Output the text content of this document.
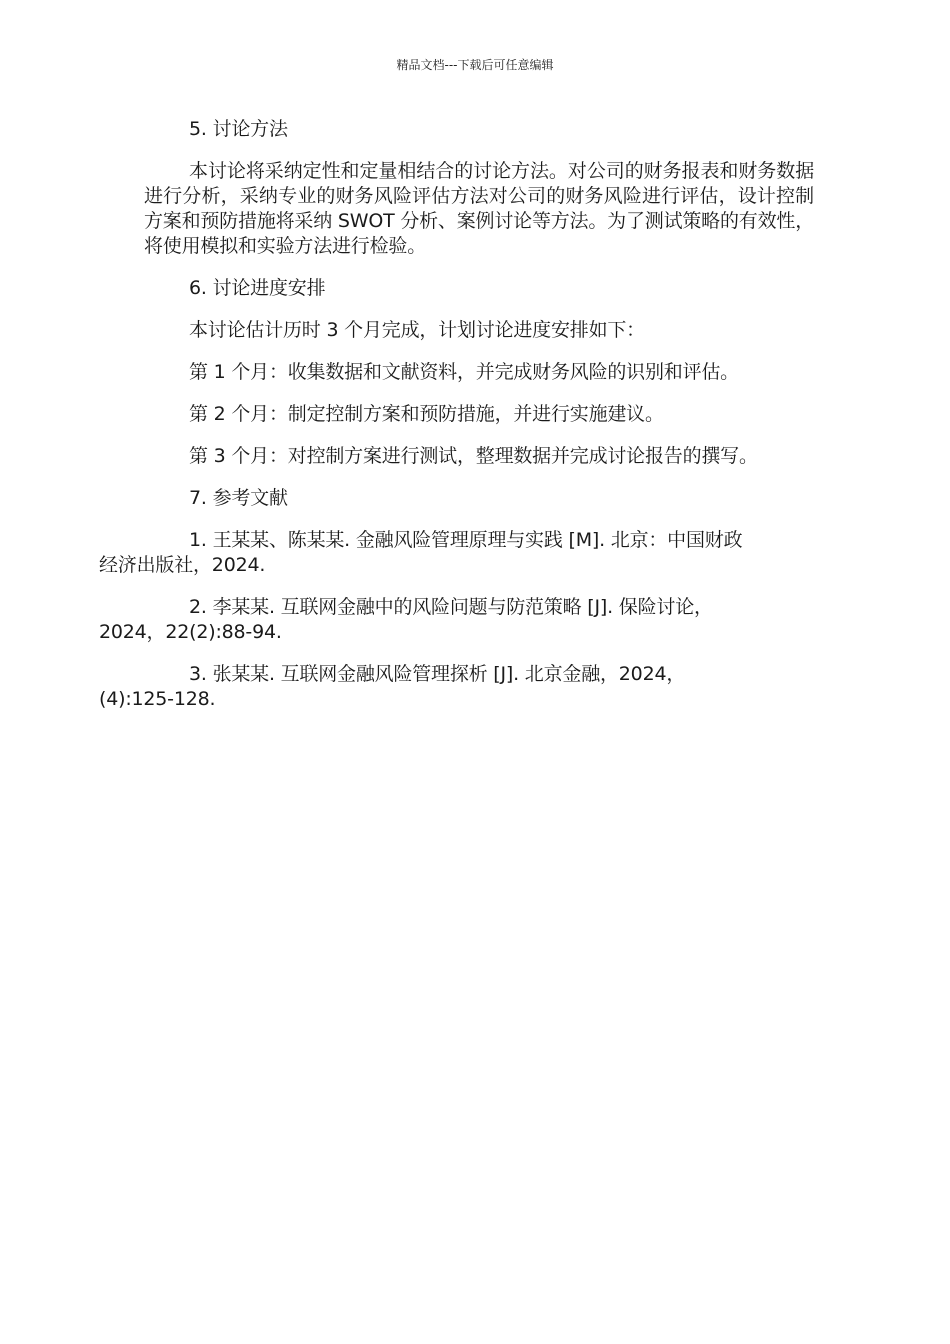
精品文档---下载后可任意编辑

5. 讨论方法

本讨论将采纳定性和定量相结合的讨论方法。对公司的财务报表和财务数据进行分析，采纳专业的财务风险评估方法对公司的财务风险进行评估，设计控制方案和预防措施将采纳 SWOT 分析、案例讨论等方法。为了测试策略的有效性，将使用模拟和实验方法进行检验。

6. 讨论进度安排

本讨论估计历时 3 个月完成，计划讨论进度安排如下：

第 1 个月：收集数据和文献资料，并完成财务风险的识别和评估。

第 2 个月：制定控制方案和预防措施，并进行实施建议。

第 3 个月：对控制方案进行测试，整理数据并完成讨论报告的撰写。

7. 参考文献

1. 王某某、陈某某. 金融风险管理原理与实践 [M]. 北京：中国财政
经济出版社，2024.
2. 李某某. 互联网金融中的风险问题与防范策略 [J]. 保险讨论，
2024，22(2):88-94.
3. 张某某. 互联网金融风险管理探析 [J]. 北京金融，2024，
(4):125-128.
